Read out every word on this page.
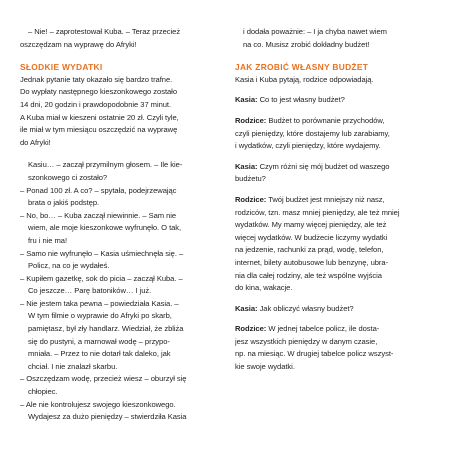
– Nie! – zaprotestował Kuba. – Teraz przecież
oszczędzam na wyprawę do Afryki!
SŁODKIE WYDATKI
Jednak pytanie taty okazało się bardzo trafne.
Do wypłaty następnego kieszonkowego zostało
14 dni, 20 godzin i prawdopodobnie 37 minut.
A Kuba miał w kieszeni ostatnie 20 zł. Czyli tyle,
ile miał w tym miesiącu oszczędzić na wyprawę
do Afryki!
Kasiu… – zaczął przymilnym głosem. – Ile kie-
szonkowego ci zostało?
– Ponad 100 zł. A co? – spytała, podejrzewając
brata o jakiś podstęp.
– No, bo… – Kuba zaczął niewinnie. – Sam nie
wiem, ale moje kieszonkowe wyfrunęło. O tak,
fru i nie ma!
– Samo nie wyfrunęło – Kasia uśmiechnęła się. –
Policz, na co je wydałeś.
– Kupiłem gazetkę, sok do picia – zaczął Kuba. –
Co jeszcze… Parę batoników… I już.
– Nie jestem taka pewna – powiedziała Kasia. –
W tym filmie o wyprawie do Afryki po skarb,
pamiętasz, był zły handlarz. Wiedział, że zbliża
się do pustyni, a marnował wodę – przypo-
mniała. – Przez to nie dotarł tak daleko, jak
chciał. I nie znalazł skarbu.
– Oszczędzam wodę, przecież wiesz – oburzył się
chłopiec.
– Ale nie kontrolujesz swojego kieszonkowego.
Wydajesz za dużo pieniędzy – stwierdziła Kasia
i dodała poważnie: – I ja chyba nawet wiem
na co. Musisz zrobić dokładny budżet!
JAK ZROBIĆ WŁASNY BUDŻET
Kasia i Kuba pytają, rodzice odpowiadają.
Kasia: Co to jest własny budżet?
Rodzice: Budżet to porównanie przychodów,
czyli pieniędzy, które dostajemy lub zarabiamy,
i wydatków, czyli pieniędzy, które wydajemy.
Kasia: Czym różni się mój budżet od waszego
budżetu?
Rodzice: Twój budżet jest mniejszy niż nasz,
rodziców, tzn. masz mniej pieniędzy, ale też mniej
wydatków. My mamy więcej pieniędzy, ale też
więcej wydatków. W budżecie liczymy wydatki
na jedzenie, rachunki za prąd, wodę, telefon,
internet, bilety autobusowe lub benzynę, ubra-
nia dla całej rodziny, ale też wspólne wyjścia
do kina, wakacje.
Kasia: Jak obliczyć własny budżet?
Rodzice: W jednej tabelce policz, ile dosta-
jesz wszystkich pieniędzy w danym czasie,
np. na miesiąc. W drugiej tabelce policz wszyst-
kie swoje wydatki.
